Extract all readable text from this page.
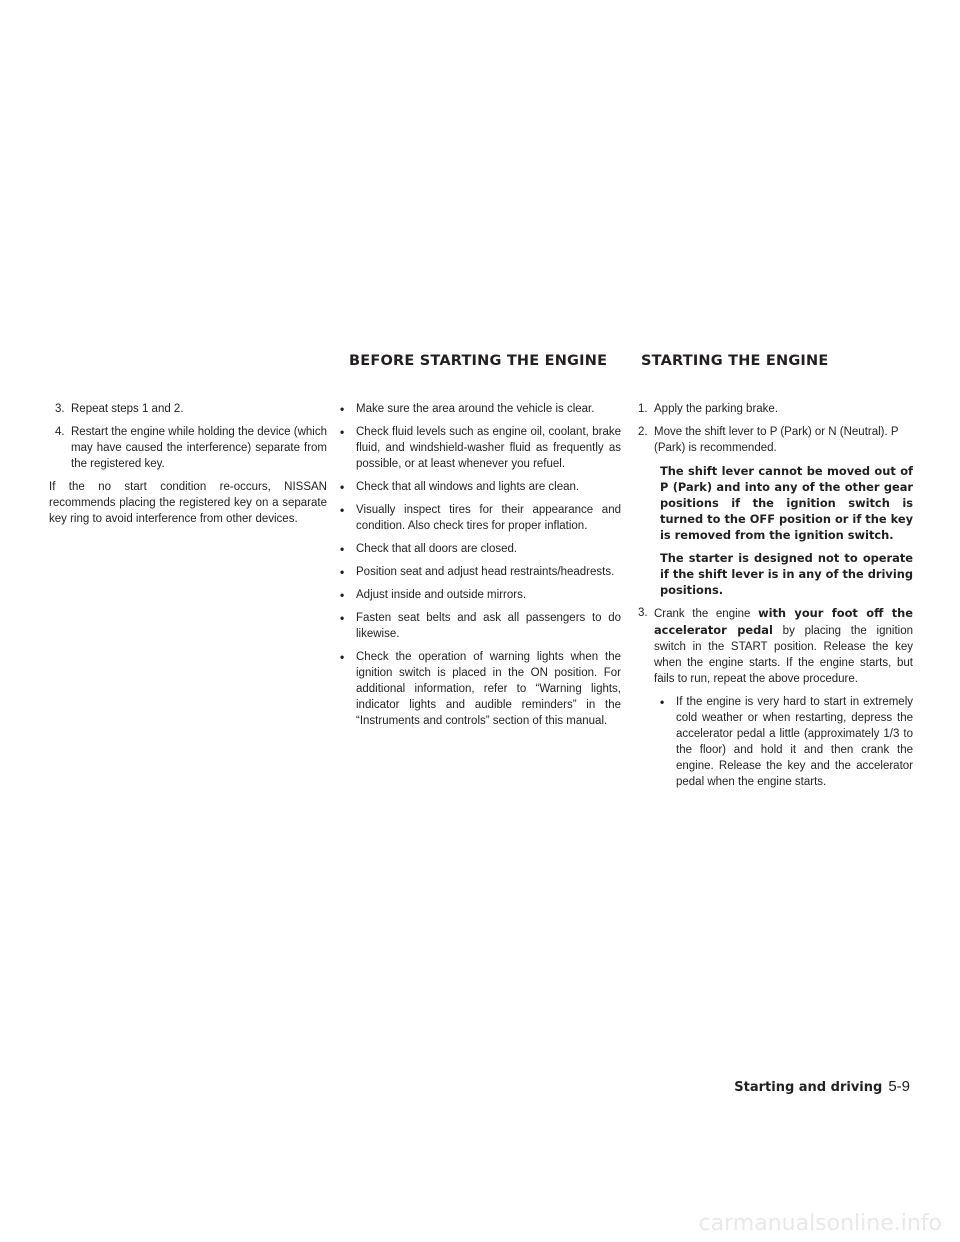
BEFORE STARTING THE ENGINE STARTING THE ENGINE
3. Repeat steps 1 and 2.
4. Restart the engine while holding the device (which may have caused the interference) separate from the registered key.

If the no start condition re-occurs, NISSAN recommends placing the registered key on a separate key ring to avoid interference from other devices.

•	Make sure the area around the vehicle is clear.
•	Check fluid levels such as engine oil, coolant, brake fluid, and windshield-washer fluid as frequently as possible, or at least whenever you refuel.
•	Check that all windows and lights are clean.
•	Visually inspect tires for their appearance and condition. Also check tires for proper inflation.
•	Check that all doors are closed.
•	Position seat and adjust head restraints/headrests.
•	Adjust inside and outside mirrors.
•	Fasten seat belts and ask all passengers to do likewise.
•	Check the operation of warning lights when the ignition switch is placed in the ON position. For additional information, refer to “Warning lights, indicator lights and audible reminders” in the “Instruments and controls” section of this manual.
1. Apply the parking brake.
2. Move the shift lever to P (Park) or N (Neutral). P (Park) is recommended.

The shift lever cannot be moved out of P (Park) and into any of the other gear positions if the ignition switch is turned to the OFF position or if the key is removed from the ignition switch.

The starter is designed not to operate if the shift lever is in any of the driving positions.

3. Crank the engine with your foot off the accelerator pedal by placing the ignition switch in the START position. Release the key when the engine starts. If the engine starts, but fails to run, repeat the above procedure.
•	If the engine is very hard to start in extremely cold weather or when restarting, depress the accelerator pedal a little (approximately 1/3 to the floor) and hold it and then crank the engine. Release the key and the accelerator pedal when the engine starts.
Starting and driving 5-9
carmanualsonline.info
